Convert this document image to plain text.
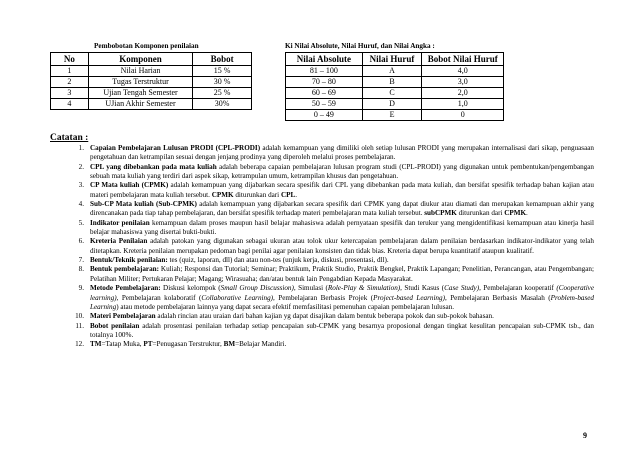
Pembobotan Komponen penilaian
No	Komponen	Bobot
1	Nilai Harian	15 %
2	Tugas Terstruktur	30 %
3	Ujian Tengah Semester	25 %
4	UJian Akhir Semester	30%
Ki Nilai Absolute, Nilai Huruf, dan Nilai Angka :
Nilai Absolute	Nilai Huruf	Bobot Nilai Huruf
81 – 100	A	4,0
70 – 80	B	3,0
60 – 69	C	2,0
50 – 59	D	1,0
0 – 49	E	0
Catatan :
1. Capaian Pembelajaran Lulusan PRODI (CPL-PRODI) adalah kemampuan yang dimiliki oleh setiap lulusan PRODI yang merupakan internalisasi dari sikap, penguasaan pengetahuan dan ketrampilan sesuai dengan jenjang prodinya yang diperoleh melalui proses pembelajaran.
2. CPL yang dibebankan pada mata kuliah adalah beberapa capaian pembelajaran lulusan program studi (CPL-PRODI) yang digunakan untuk pembentukan/pengembangan sebuah mata kuliah yang terdiri dari aspek sikap, ketrampulan umum, ketrampilan khusus dan pengetahuan.
3. CP Mata kuliah (CPMK) adalah kemampuan yang dijabarkan secara spesifik dari CPL yang dibebankan pada mata kuliah, dan bersifat spesifik terhadap bahan kajian atau materi pembelajaran mata kuliah tersebut. CPMK diturunkan dari CPL.
4. Sub-CP Mata kuliah (Sub-CPMK) adalah kemampuan yang dijabarkan secara spesifik dari CPMK yang dapat diukur atau diamati dan merupakan kemampuan akhir yang direncanakan pada tiap tahap pembelajaran, dan bersifat spesifik terhadap materi pembelajaran mata kuliah tersebut. subCPMK diturunkan dari CPMK.
5. Indikator penilaian kemampuan dalam proses maupun hasil belajar mahasiswa adalah pernyataan spesifik dan terukur yang mengidentifikasi kemampuan atau kinerja hasil belajar mahasiswa yang disertai bukti-bukti.
6. Kreteria Penilaian adalah patokan yang digunakan sebagai ukuran atau tolok ukur ketercapaian pembelajaran dalam penilaian berdasarkan indikator-indikator yang telah ditetapkan. Kreteria penilaian merupakan pedoman bagi penilai agar penilaian konsisten dan tidak bias. Kreteria dapat berupa kuantitatif ataupun kualitatif.
7. Bentuk/Teknik penilaian: tes (quiz, laporan, dll) dan atau non-tes (unjuk kerja, diskusi, presentasi, dll).
8. Bentuk pembelajaran: Kuliah; Responsi dan Tutorial; Seminar; Praktikum, Praktik Studio, Praktik Bengkel, Praktik Lapangan; Penelitian, Perancangan, atau Pengembangan; Pelatihan Militer; Pertukaran Pelajar; Magang; Wirasuaha; dan/atau bentuk lain Pengabdian Kepada Masyarakat.
9. Metode Pembelajaran: Diskusi kelompok (Small Group Discussion), Simulasi (Role-Play & Simulation), Studi Kasus (Case Study), Pembelajaran kooperatif (Cooperative learning), Pembelajaran kolaboratif (Collaborative Learning), Pembelajaran Berbasis Projek (Project-based Learning), Pembelajaran Berbasis Masalah (Problem-based Learning) atau metode pembelajaran lainnya yang dapat secara efektif memfasilitasi pemenuhan capaian pembelajaran lulusan.
10. Materi Pembelajaran adalah rincian atau uraian dari bahan kajian yg dapat disajikan dalam bentuk beberapa pokok dan sub-pokok bahasan.
11. Bobot penilaian adalah prosentasi penilaian terhadap setiap pencapaian sub-CPMK yang besarnya proposional dengan tingkat kesulitan pencapaian sub-CPMK tsb., dan totalnya 100%.
12. TM=Tatap Muka, PT=Penugasan Terstruktur, BM=Belajar Mandiri.
9
